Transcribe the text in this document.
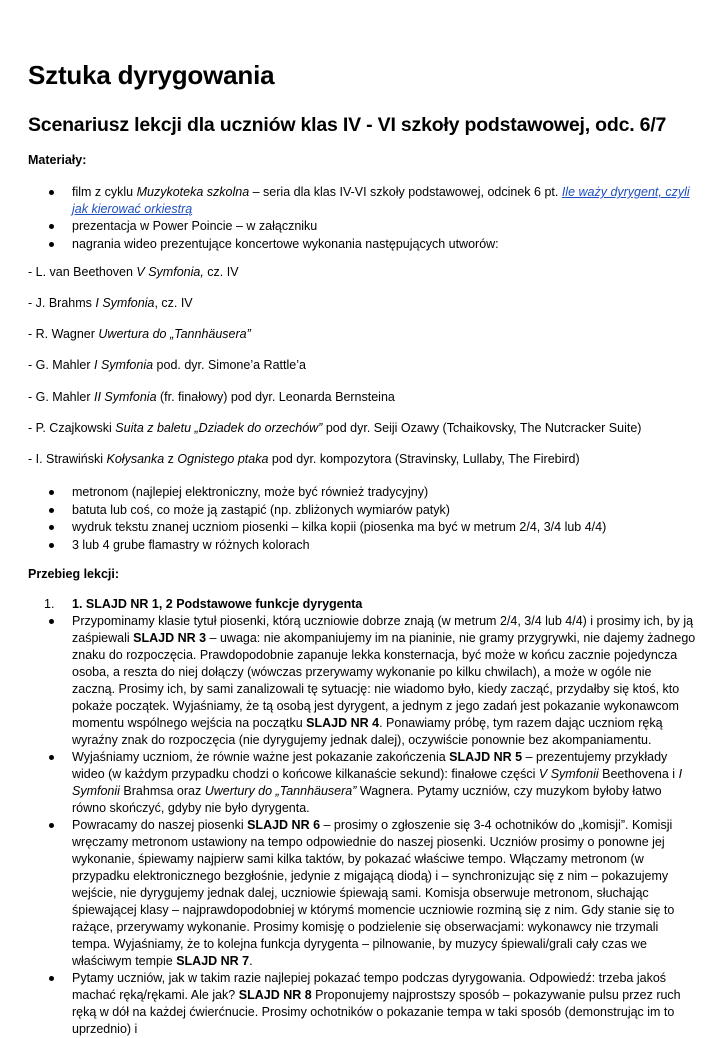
Sztuka dyrygowania
Scenariusz lekcji dla uczniów klas IV - VI szkoły podstawowej, odc. 6/7
Materiały:
film z cyklu Muzykoteka szkolna – seria dla klas IV-VI szkoły podstawowej, odcinek 6 pt. Ile waży dyrygent, czyli jak kierować orkiestrą
prezentacja w Power Poincie – w załączniku
nagrania wideo prezentujące koncertowe wykonania następujących utworów:
- L. van Beethoven V Symfonia, cz. IV
- J. Brahms I Symfonia, cz. IV
- R. Wagner Uwertura do „Tannhäusera”
- G. Mahler I Symfonia pod. dyr. Simone’a Rattle’a
- G. Mahler II Symfonia (fr. finałowy) pod dyr. Leonarda Bernsteina
- P. Czajkowski Suita z baletu „Dziadek do orzechów” pod dyr. Seiji Ozawy (Tchaikovsky, The Nutcracker Suite)
- I. Strawiński Kołysanka z Ognistego ptaka pod dyr. kompozytora (Stravinsky, Lullaby, The Firebird)
metronom (najlepiej elektroniczny, może być również tradycyjny)
batuta lub coś, co może ją zastąpić (np. zbliżonych wymiarów patyk)
wydruk tekstu znanej uczniom piosenki – kilka kopii (piosenka ma być w metrum 2/4, 3/4 lub 4/4)
3 lub 4 grube flamastry w różnych kolorach
Przebieg lekcji:
1. 1. SLAJD NR 1, 2 Podstawowe funkcje dyrygenta
Przypominamy klasie tytuł piosenki, którą uczniowie dobrze znają (w metrum 2/4, 3/4 lub 4/4) i prosimy ich, by ją zaśpiewali SLAJD NR 3 – uwaga: nie akompaniujemy im na pianinie, nie gramy przygrywki, nie dajemy żadnego znaku do rozpoczęcia. Prawdopodobnie zapanuje lekka konsternacja, być może w końcu zacznie pojedyncza osoba, a reszta do niej dołączy (wówczas przerywamy wykonanie po kilku chwilach), a może w ogóle nie zaczną. Prosimy ich, by sami zanalizowali tę sytuację: nie wiadomo było, kiedy zacząć, przydałby się ktoś, kto pokaże początek. Wyjaśniamy, że tą osobą jest dyrygent, a jednym z jego zadań jest pokazanie wykonawcom momentu wspólnego wejścia na początku SLAJD NR 4. Ponawiamy próbę, tym razem dając uczniom ręką wyraźny znak do rozpoczęcia (nie dyrygujemy jednak dalej), oczywiście ponownie bez akompaniamentu.
Wyjaśniamy uczniom, że równie ważne jest pokazanie zakończenia SLAJD NR 5 – prezentujemy przykłady wideo (w każdym przypadku chodzi o końcowe kilkanaście sekund): finałowe części V Symfonii Beethovena i I Symfonii Brahmsa oraz Uwertury do „Tannhäusera” Wagnera. Pytamy uczniów, czy muzykom byłoby łatwo równo skończyć, gdyby nie było dyrygenta.
Powracamy do naszej piosenki SLAJD NR 6 – prosimy o zgłoszenie się 3-4 ochotników do „komisji”. Komisji wręczamy metronom ustawiony na tempo odpowiednie do naszej piosenki. Uczniów prosimy o ponowne jej wykonanie, śpiewamy najpierw sami kilka taktów, by pokazać właściwe tempo. Włączamy metronom (w przypadku elektronicznego bezgłośnie, jedynie z migającą diodą) i – synchronizując się z nim – pokazujemy wejście, nie dyrygujemy jednak dalej, uczniowie śpiewają sami. Komisja obserwuje metronom, słuchając śpiewającej klasy – najprawdopodobniej w którymś momencie uczniowie rozminą się z nim. Gdy stanie się to rażące, przerywamy wykonanie. Prosimy komisję o podzielenie się obserwacjami: wykonawcy nie trzymali tempa. Wyjaśniamy, że to kolejna funkcja dyrygenta – pilnowanie, by muzycy śpiewali/grali cały czas we właściwym tempie SLAJD NR 7.
Pytamy uczniów, jak w takim razie najlepiej pokazać tempo podczas dyrygowania. Odpowiedź: trzeba jakoś machać ręką/rękami. Ale jak? SLAJD NR 8 Proponujemy najprostszy sposób – pokazywanie pulsu przez ruch ręką w dół na każdej ćwierćnucie. Prosimy ochotników o pokazanie tempa w taki sposób (demonstrując im to uprzednio) i
